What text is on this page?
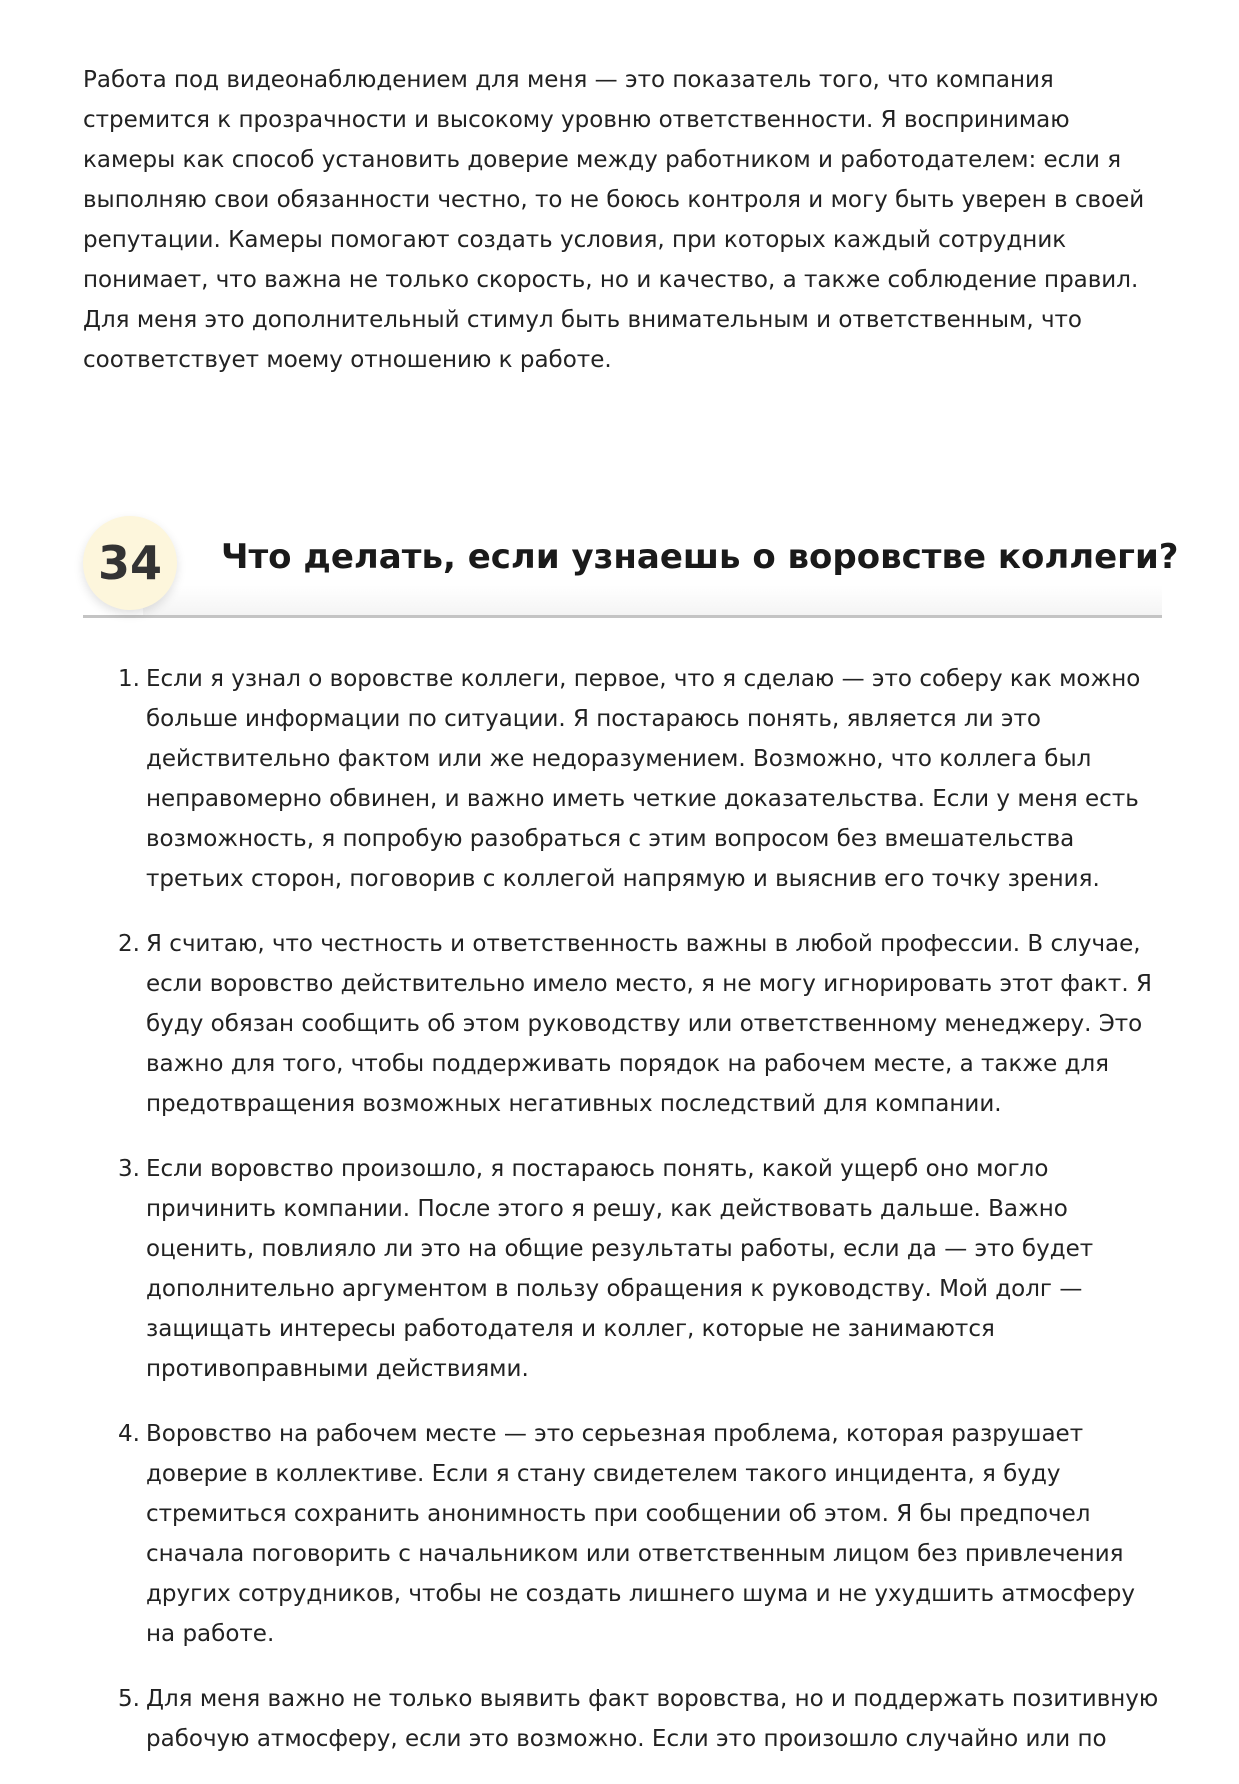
Работа под видеонаблюдением для меня — это показатель того, что компания стремится к прозрачности и высокому уровню ответственности. Я воспринимаю камеры как способ установить доверие между работником и работодателем: если я выполняю свои обязанности честно, то не боюсь контроля и могу быть уверен в своей репутации. Камеры помогают создать условия, при которых каждый сотрудник понимает, что важна не только скорость, но и качество, а также соблюдение правил. Для меня это дополнительный стимул быть внимательным и ответственным, что соответствует моему отношению к работе.

34	Что делать, если узнаешь о воровстве коллеги?
1. Если я узнал о воровстве коллеги, первое, что я сделаю — это соберу как можно больше информации по ситуации. Я постараюсь понять, является ли это действительно фактом или же недоразумением. Возможно, что коллега был неправомерно обвинен, и важно иметь четкие доказательства. Если у меня есть возможность, я попробую разобраться с этим вопросом без вмешательства третьих сторон, поговорив с коллегой напрямую и выяснив его точку зрения.
2. Я считаю, что честность и ответственность важны в любой профессии. В случае, если воровство действительно имело место, я не могу игнорировать этот факт. Я буду обязан сообщить об этом руководству или ответственному менеджеру. Это важно для того, чтобы поддерживать порядок на рабочем месте, а также для предотвращения возможных негативных последствий для компании.
3. Если воровство произошло, я постараюсь понять, какой ущерб оно могло причинить компании. После этого я решу, как действовать дальше. Важно оценить, повлияло ли это на общие результаты работы, если да — это будет дополнительно аргументом в пользу обращения к руководству. Мой долг — защищать интересы работодателя и коллег, которые не занимаются противоправными действиями.
4. Воровство на рабочем месте — это серьезная проблема, которая разрушает доверие в коллективе. Если я стану свидетелем такого инцидента, я буду стремиться сохранить анонимность при сообщении об этом. Я бы предпочел сначала поговорить с начальником или ответственным лицом без привлечения других сотрудников, чтобы не создать лишнего шума и не ухудшить атмосферу на работе.
5. Для меня важно не только выявить факт воровства, но и поддержать позитивную рабочую атмосферу, если это возможно. Если это произошло случайно или по
